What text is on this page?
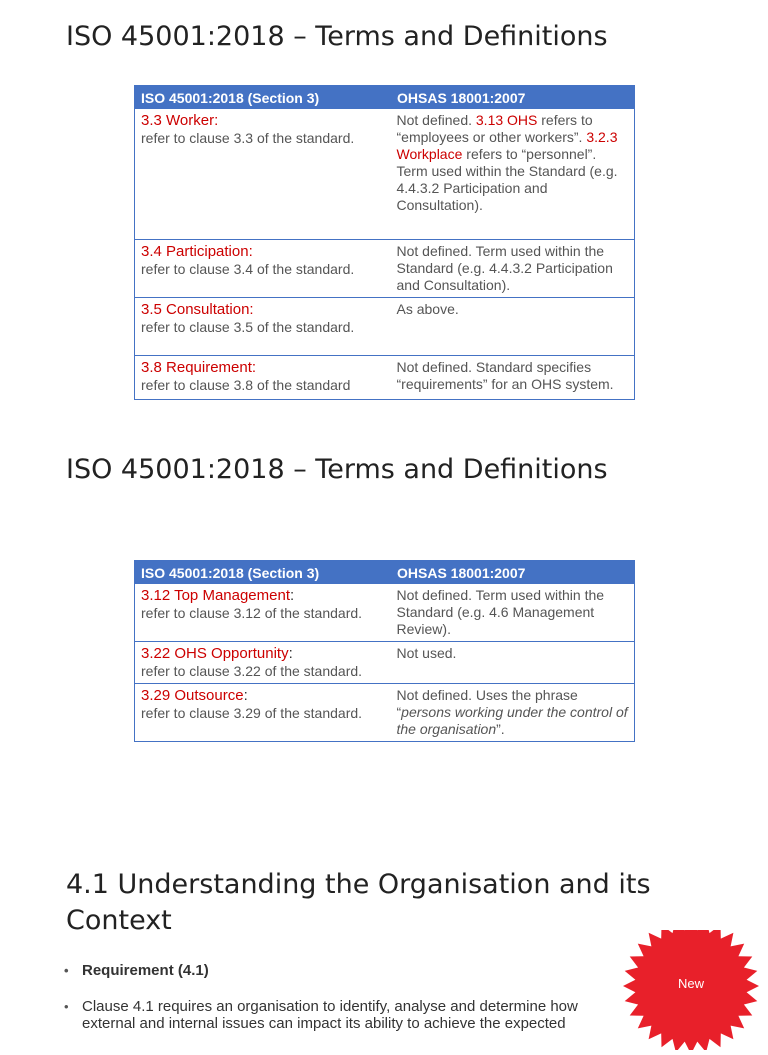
ISO 45001:2018 – Terms and Definitions
ISO 45001:2018 (Section 3)	OHSAS 18001:2007

3.3 Worker:
refer to clause 3.3 of the standard.	Not defined. 3.13 OHS refers to “employees or other workers”. 3.2.3 Workplace refers to “personnel”. Term used within the Standard (e.g. 4.4.3.2 Participation and Consultation).

3.4 Participation:
refer to clause 3.4 of the standard.	Not defined. Term used within the Standard (e.g. 4.4.3.2 Participation and Consultation).

3.5 Consultation:
refer to clause 3.5 of the standard.	As above.

3.8 Requirement:
refer to clause 3.8 of the standard	Not defined. Standard specifies “requirements” for an OHS system.
ISO 45001:2018 – Terms and Definitions
ISO 45001:2018 (Section 3)	OHSAS 18001:2007

3.12 Top Management:
refer to clause 3.12 of the standard.	Not defined. Term used within the Standard (e.g. 4.6 Management Review).

3.22 OHS Opportunity:
refer to clause 3.22 of the standard.	Not used.

3.29 Outsource:
refer to clause 3.29 of the standard.	Not defined. Uses the phrase “persons working under the control of the organisation”.
4.1 Understanding the Organisation and its Context
• Requirement (4.1)
• Clause 4.1 requires an organisation to identify, analyse and determine how external and internal issues can impact its ability to achieve the expected
New
